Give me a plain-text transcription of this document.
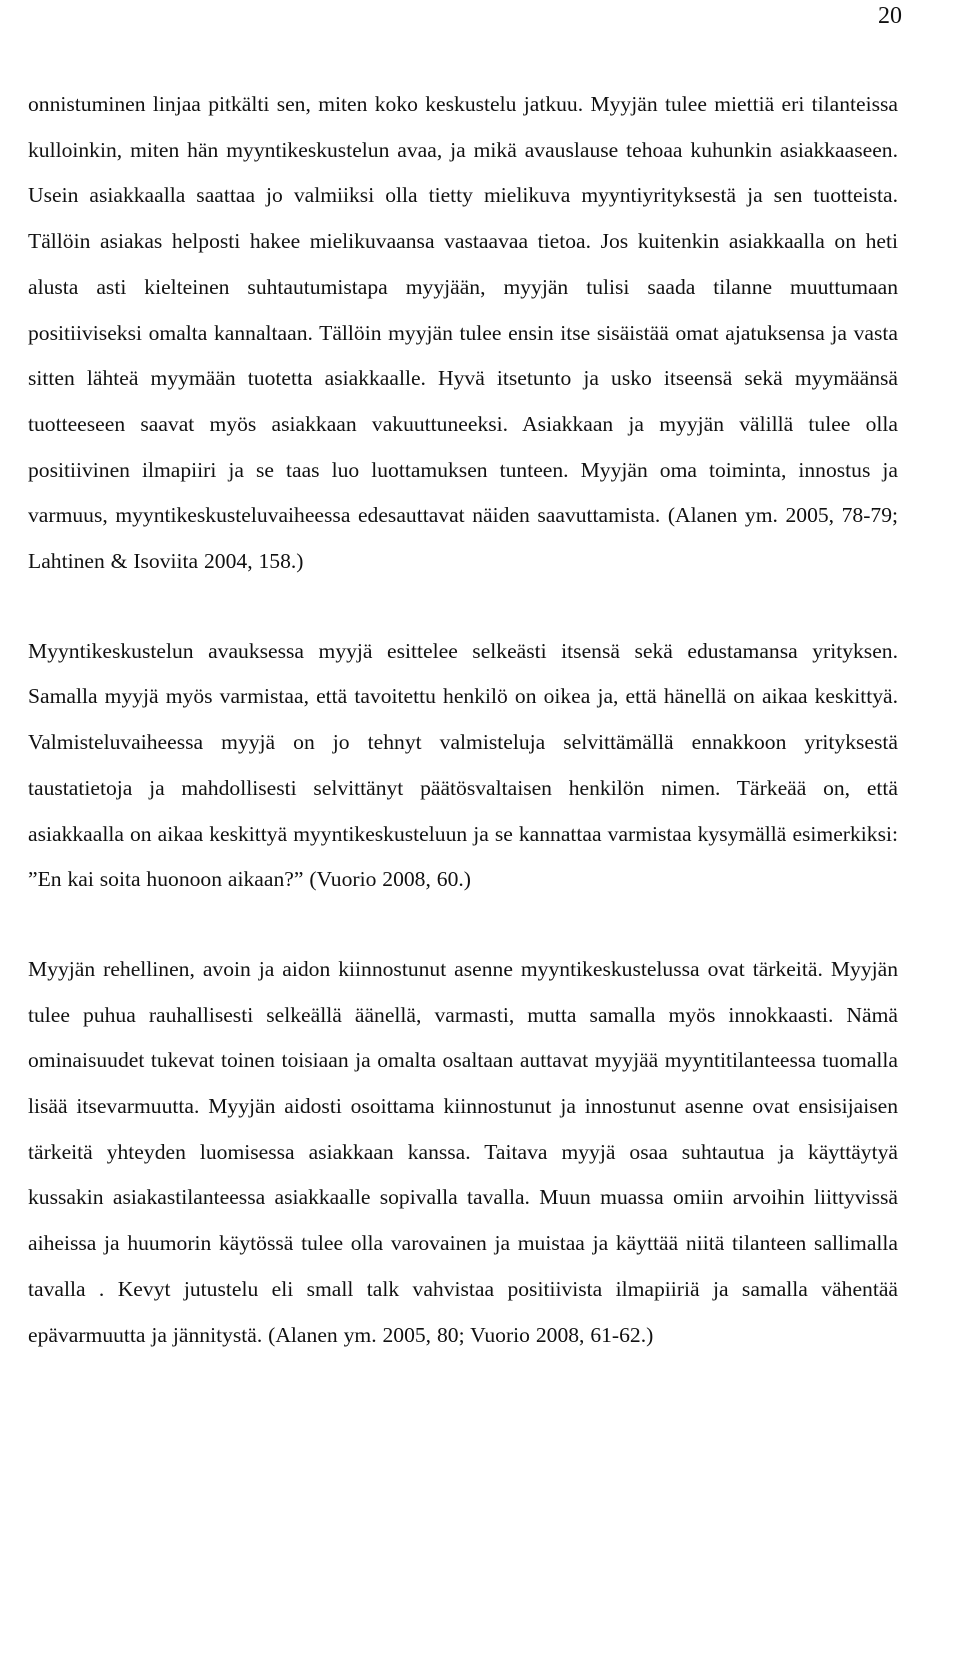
20

onnistuminen linjaa pitkälti sen, miten koko keskustelu jatkuu. Myyjän tulee miettiä eri tilanteissa kulloinkin, miten hän myyntikeskustelun avaa, ja mikä avauslause tehoaa kuhunkin asiakkaaseen. Usein asiakkaalla saattaa jo valmiiksi olla tietty mielikuva myyntiyrityksestä ja sen tuotteista. Tällöin asiakas helposti hakee mielikuvaansa vastaavaa tietoa. Jos kuitenkin asiakkaalla on heti alusta asti kielteinen suhtautumistapa myyjään, myyjän tulisi saada tilanne muuttumaan positiiviseksi omalta kannaltaan. Tällöin myyjän tulee ensin itse sisäistää omat ajatuksensa ja vasta sitten lähteä myymään tuotetta asiakkaalle. Hyvä itsetunto ja usko itseensä sekä myymäänsä tuotteeseen saavat myös asiakkaan vakuuttuneeksi. Asiakkaan ja myyjän välillä tulee olla positiivinen ilmapiiri ja se taas luo luottamuksen tunteen. Myyjän oma toiminta, innostus ja varmuus, myyntikeskusteluvaiheessa edesauttavat näiden saavuttamista. (Alanen ym. 2005, 78-79; Lahtinen & Isoviita 2004, 158.)

Myyntikeskustelun avauksessa myyjä esittelee selkeästi itsensä sekä edustamansa yrityksen. Samalla myyjä myös varmistaa, että tavoitettu henkilö on oikea ja, että hänellä on aikaa keskittyä. Valmisteluvaiheessa myyjä on jo tehnyt valmisteluja selvittämällä ennakkoon yrityksestä taustatietoja ja mahdollisesti selvittänyt päätösvaltaisen henkilön nimen. Tärkeää on, että asiakkaalla on aikaa keskittyä myyntikeskusteluun ja se kannattaa varmistaa kysymällä esimerkiksi: ”En kai soita huonoon aikaan?” (Vuorio 2008, 60.)

Myyjän rehellinen, avoin ja aidon kiinnostunut asenne myyntikeskustelussa ovat tärkeitä. Myyjän tulee puhua rauhallisesti selkeällä äänellä, varmasti, mutta samalla myös innokkaasti. Nämä ominaisuudet tukevat toinen toisiaan ja omalta osaltaan auttavat myyjää myyntitilanteessa tuomalla lisää itsevarmuutta. Myyjän aidosti osoittama kiinnostunut ja innostunut asenne ovat ensisijaisen tärkeitä yhteyden luomisessa asiakkaan kanssa. Taitava myyjä osaa suhtautua ja käyttäytyä kussakin asiakastilanteessa asiakkaalle sopivalla tavalla. Muun muassa omiin arvoihin liittyvissä aiheissa ja huumorin käytössä tulee olla varovainen ja muistaa ja käyttää niitä tilanteen sallimalla tavalla . Kevyt jutustelu eli small talk vahvistaa positiivista ilmapiiriä ja samalla vähentää epävarmuutta ja jännitystä. (Alanen ym. 2005, 80; Vuorio 2008, 61-62.)
